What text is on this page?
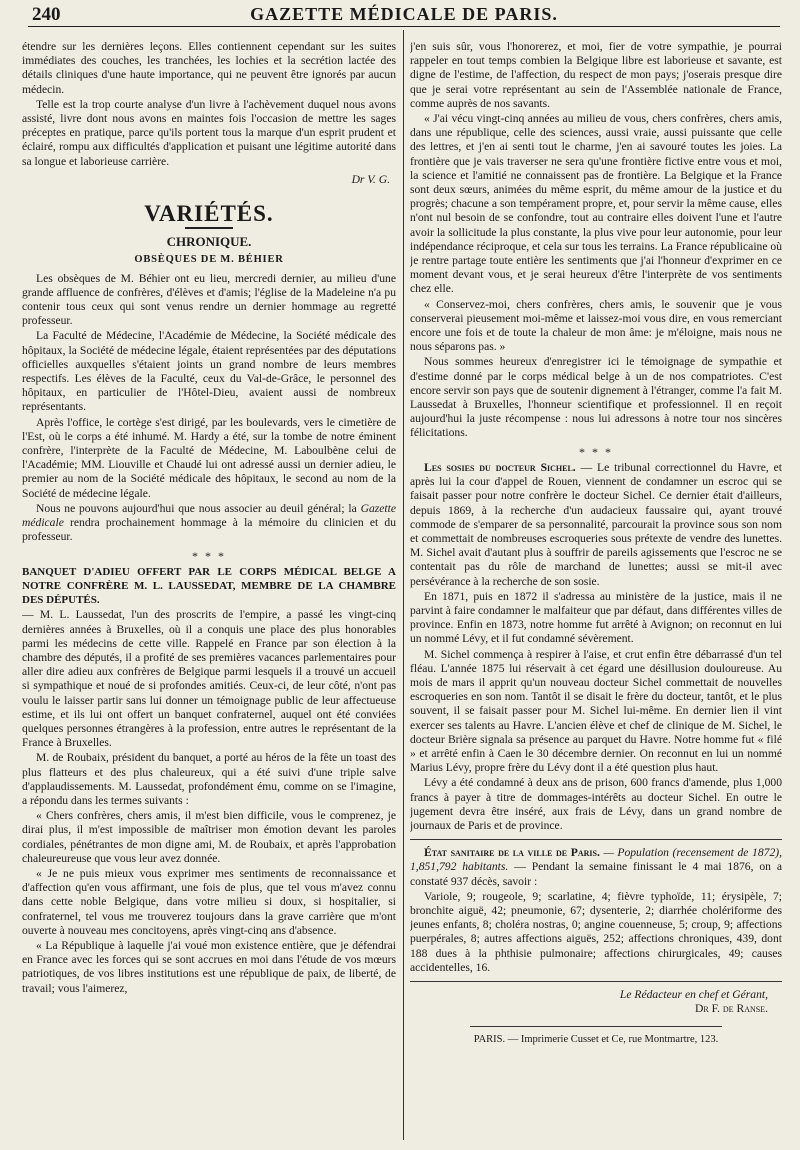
240	GAZETTE MÉDICALE DE PARIS.

étendre sur les dernières leçons. Elles contiennent cependant sur les suites immédiates des couches, les tranchées, les lochies et la secrétion lactée des détails cliniques d'une haute importance, qui ne peuvent être ignorés par aucun médecin.

Telle est la trop courte analyse d'un livre à l'achèvement duquel nous avons assisté, livre dont nous avons en maintes fois l'occasion de mettre les sages préceptes en pratique, parce qu'ils portent tous la marque d'un esprit prudent et éclairé, rompu aux difficultés d'application et puisant une légitime autorité dans sa longue et laborieuse carrière.

Dr V. G.
VARIÉTÉS.
CHRONIQUE.
OBSÈQUES DE M. BÉHIER

Les obsèques de M. Béhier ont eu lieu, mercredi dernier, au milieu d'une grande affluence de confrères, d'élèves et d'amis; l'église de la Madeleine n'a pu contenir tous ceux qui sont venus rendre un dernier hommage au regretté professeur.

La Faculté de Médecine, l'Académie de Médecine, la Société médicale des hôpitaux, la Société de médecine légale, étaient représentées par des députations officielles auxquelles s'étaient joints un grand nombre de leurs membres respectifs. Les élèves de la Faculté, ceux du Val-de-Grâce, le personnel des hôpitaux, en particulier de l'Hôtel-Dieu, avaient aussi de nombreux représentants.

Après l'office, le cortège s'est dirigé, par les boulevards, vers le cimetière de l'Est, où le corps a été inhumé. M. Hardy a été, sur la tombe de notre éminent confrère, l'interprète de la Faculté de Médecine, M. Laboulbène celui de l'Académie; MM. Liouville et Chaudé lui ont adressé aussi un dernier adieu, le premier au nom de la Société médicale des hôpitaux, le second au nom de la Société de médecine légale.

Nous ne pouvons aujourd'hui que nous associer au deuil général; la Gazette médicale rendra prochainement hommage à la mémoire du clinicien et du professeur.

* * *

BANQUET D'ADIEU OFFERT PAR LE CORPS MÉDICAL BELGE A NOTRE CONFRÈRE M. L. LAUSSEDAT, MEMBRE DE LA CHAMBRE DES DÉPUTÉS.

— M. L. Laussedat, l'un des proscrits de l'empire, a passé les vingt-cinq dernières années à Bruxelles, où il a conquis une place des plus honorables parmi les médecins de cette ville. Rappelé en France par son élection à la chambre des députés, il a profité de ses premières vacances parlementaires pour aller dire adieu aux confrères de Belgique parmi lesquels il a trouvé un accueil si sympathique et noué de si profondes amitiés. Ceux-ci, de leur côté, n'ont pas voulu le laisser partir sans lui donner un témoignage public de leur affectueuse estime, et ils lui ont offert un banquet confraternel, auquel ont été conviées quelques personnes étrangères à la profession, entre autres le représentant de la France à Bruxelles.

M. de Roubaix, président du banquet, a porté au héros de la fête un toast des plus flatteurs et des plus chaleureux, qui a été suivi d'une triple salve d'applaudissements. M. Laussedat, profondément ému, comme on se l'imagine, a répondu dans les termes suivants :

« Chers confrères, chers amis, il m'est bien difficile, vous le comprenez, je dirai plus, il m'est impossible de maîtriser mon émotion devant les paroles cordiales, pénétrantes de mon digne ami, M. de Roubaix, et après l'approbation chaleureureuse que vous leur avez donnée.

« Je ne puis mieux vous exprimer mes sentiments de reconnaissance et d'affection qu'en vous affirmant, une fois de plus, que tel vous m'avez connu dans cette noble Belgique, dans votre milieu si doux, si hospitalier, si confraternel, tel vous me trouverez toujours dans la grave carrière que m'ont ouverte à nouveau mes concitoyens, après vingt-cinq ans d'absence.

« La République à laquelle j'ai voué mon existence entière, que je défendrai en France avec les forces qui se sont accrues en moi dans l'étude de vos mœurs patriotiques, de vos libres institutions est une république de paix, de liberté, de travail; vous l'aimerez,

j'en suis sûr, vous l'honorerez, et moi, fier de votre sympathie, je pourrai rappeler en tout temps combien la Belgique libre est laborieuse et savante, est digne de l'estime, de l'affection, du respect de mon pays; j'oserais presque dire que je serai votre représentant au sein de l'Assemblée nationale de France, comme auprès de nos savants.

« J'ai vécu vingt-cinq années au milieu de vous, chers confrères, chers amis, dans une république, celle des sciences, aussi vraie, aussi puissante que celle des lettres, et j'en ai senti tout le charme, j'en ai savouré toutes les joies. La frontière que je vais traverser ne sera qu'une frontière fictive entre vous et moi, la science et l'amitié ne connaissent pas de frontière. La Belgique et la France sont deux sœurs, animées du même esprit, du même amour de la justice et du progrès; chacune a son tempérament propre, et, pour servir la même cause, elles n'ont nul besoin de se confondre, tout au contraire elles doivent l'une et l'autre avoir la sollicitude la plus constante, la plus vive pour leur autonomie, pour leur indépendance réciproque, et cela sur tous les terrains. La France républicaine où je rentre partage toute entière les sentiments que j'ai l'honneur d'exprimer en ce moment devant vous, et je serai heureux d'être l'interprète de vos sentiments chez elle.

« Conservez-moi, chers confrères, chers amis, le souvenir que je vous conserverai pieusement moi-même et laissez-moi vous dire, en vous remerciant encore une fois et de toute la chaleur de mon âme: je m'éloigne, mais nous ne nous séparons pas. »

Nous sommes heureux d'enregistrer ici le témoignage de sympathie et d'estime donné par le corps médical belge à un de nos compatriotes. C'est encore servir son pays que de soutenir dignement à l'étranger, comme l'a fait M. Laussedat à Bruxelles, l'honneur scientifique et professionnel. Il en reçoit aujourd'hui la juste récompense : nous lui adressons à notre tour nos sincères félicitations.

* * *

Les sosies du docteur Sichel. — Le tribunal correctionnel du Havre, et après lui la cour d'appel de Rouen, viennent de condamner un escroc qui se faisait passer pour notre confrère le docteur Sichel. Ce dernier était d'ailleurs, depuis 1869, à la recherche d'un audacieux faussaire qui, ayant trouvé commode de s'emparer de sa personnalité, parcourait la province sous son nom et commettait de nombreuses escroqueries sous prétexte de vendre des lunettes. M. Sichel avait d'autant plus à souffrir de pareils agissements que l'escroc ne se contentait pas du rôle de marchand de lunettes; aussi se mit-il avec persévérance à la recherche de son sosie.

En 1871, puis en 1872 il s'adressa au ministère de la justice, mais il ne parvint à faire condamner le malfaiteur que par défaut, dans différentes villes de province. Enfin en 1873, notre homme fut arrêté à Avignon; on reconnut en lui un nommé Lévy, et il fut condamné sévèrement.

M. Sichel commença à respirer à l'aise, et crut enfin être débarrassé d'un tel fléau. L'année 1875 lui réservait à cet égard une désillusion douloureuse. Au mois de mars il apprit qu'un nouveau docteur Sichel commettait de nouvelles escroqueries en son nom. Tantôt il se disait le frère du docteur, tantôt, et le plus souvent, il se faisait passer pour M. Sichel lui-même. En dernier lien il vint exercer ses talents au Havre. L'ancien élève et chef de clinique de M. Sichel, le docteur Brière signala sa présence au parquet du Havre. Notre homme fut « filé » et arrêté enfin à Caen le 30 décembre dernier. On reconnut en lui un nommé Marius Lévy, propre frère du Lévy dont il a été question plus haut.

Lévy a été condamné à deux ans de prison, 600 francs d'amende, plus 1,000 francs à payer à titre de dommages-intérêts au docteur Sichel. En outre le jugement devra être inséré, aux frais de Lévy, dans un grand nombre de journaux de Paris et de province.

État sanitaire de la ville de Paris. — Population (recensement de 1872), 1,851,792 habitants. — Pendant la semaine finissant le 4 mai 1876, on a constaté 937 décès, savoir :

Variole, 9; rougeole, 9; scarlatine, 4; fièvre typhoïde, 11; érysipèle, 7; bronchite aiguë, 42; pneumonie, 67; dysenterie, 2; diarrhée cholériforme des jeunes enfants, 8; choléra nostras, 0; angine couenneuse, 5; croup, 9; affections puerpérales, 8; autres affections aiguës, 252; affections chroniques, 439, dont 188 dues à la phthisie pulmonaire; affections chirurgicales, 49; causes accidentelles, 16.

Le Rédacteur en chef et Gérant,
Dr F. de Ranse.
PARIS. — Imprimerie Cusset et Ce, rue Montmartre, 123.
